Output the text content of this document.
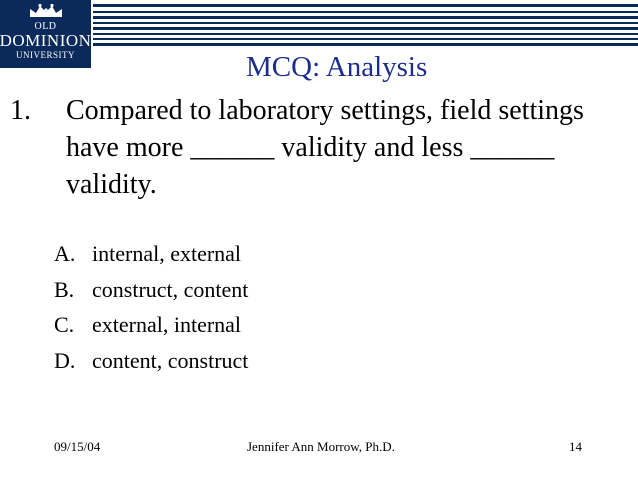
OLD
DOMINION
UNIVERSITY	MCQ: Analysis
1. Compared to laboratory settings, field settings have more ______ validity and less ______ validity.
A. internal, external
B. construct, content
C. external, internal
D. content, construct
09/15/04	Jennifer Ann Morrow, Ph.D.	14
